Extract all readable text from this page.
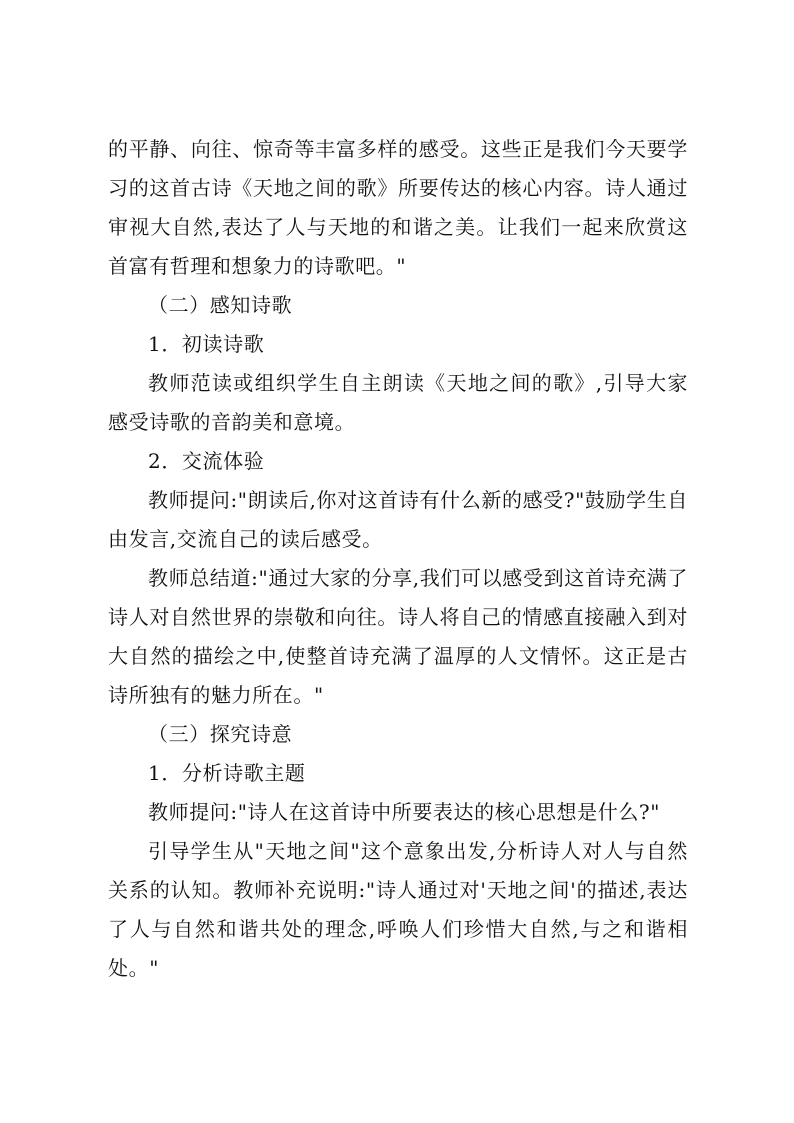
的平静、向往、惊奇等丰富多样的感受。这些正是我们今天要学习的这首古诗《天地之间的歌》所要传达的核心内容。诗人通过审视大自然,表达了人与天地的和谐之美。让我们一起来欣赏这首富有哲理和想象力的诗歌吧。"

（二）感知诗歌

1．初读诗歌

教师范读或组织学生自主朗读《天地之间的歌》,引导大家感受诗歌的音韵美和意境。

2．交流体验

教师提问:"朗读后,你对这首诗有什么新的感受?"鼓励学生自由发言,交流自己的读后感受。

教师总结道:"通过大家的分享,我们可以感受到这首诗充满了诗人对自然世界的崇敬和向往。诗人将自己的情感直接融入到对大自然的描绘之中,使整首诗充满了温厚的人文情怀。这正是古诗所独有的魅力所在。"

（三）探究诗意

1．分析诗歌主题

教师提问:"诗人在这首诗中所要表达的核心思想是什么?"

引导学生从"天地之间"这个意象出发,分析诗人对人与自然关系的认知。教师补充说明:"诗人通过对'天地之间'的描述,表达了人与自然和谐共处的理念,呼唤人们珍惜大自然,与之和谐相处。"
